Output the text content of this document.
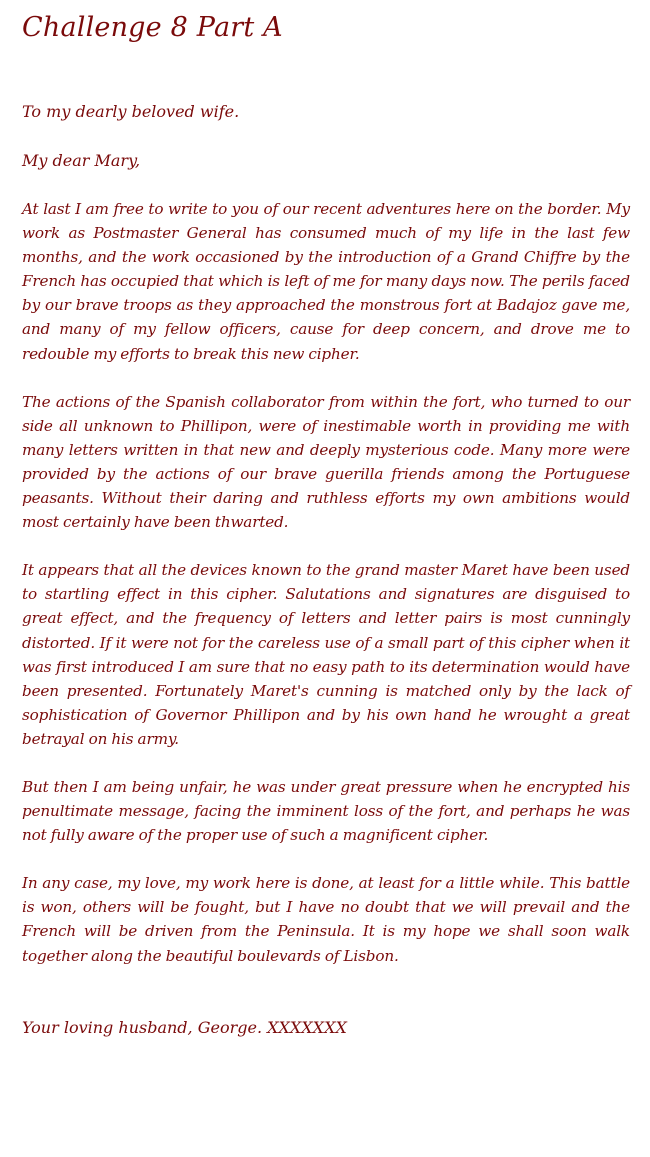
Challenge 8 Part A

To my dearly beloved wife.

My dear Mary,

At last I am free to write to you of our recent adventures here on the border. My work as Postmaster General has consumed much of my life in the last few months, and the work occasioned by the introduction of a Grand Chiffre by the French has occupied that which is left of me for many days now. The perils faced by our brave troops as they approached the monstrous fort at Badajoz gave me, and many of my fellow officers, cause for deep concern, and drove me to redouble my efforts to break this new cipher.

The actions of the Spanish collaborator from within the fort, who turned to our side all unknown to Phillipon, were of inestimable worth in providing me with many letters written in that new and deeply mysterious code. Many more were provided by the actions of our brave guerilla friends among the Portuguese peasants. Without their daring and ruthless efforts my own ambitions would most certainly have been thwarted.

It appears that all the devices known to the grand master Maret have been used to startling effect in this cipher. Salutations and signatures are disguised to great effect, and the frequency of letters and letter pairs is most cunningly distorted. If it were not for the careless use of a small part of this cipher when it was first introduced I am sure that no easy path to its determination would have been presented. Fortunately Maret's cunning is matched only by the lack of sophistication of Governor Phillipon and by his own hand he wrought a great betrayal on his army.

But then I am being unfair, he was under great pressure when he encrypted his penultimate message, facing the imminent loss of the fort, and perhaps he was not fully aware of the proper use of such a magnificent cipher.

In any case, my love, my work here is done, at least for a little while. This battle is won, others will be fought, but I have no doubt that we will prevail and the French will be driven from the Peninsula. It is my hope we shall soon walk together along the beautiful boulevards of Lisbon.

Your loving husband, George. XXXXXXX
